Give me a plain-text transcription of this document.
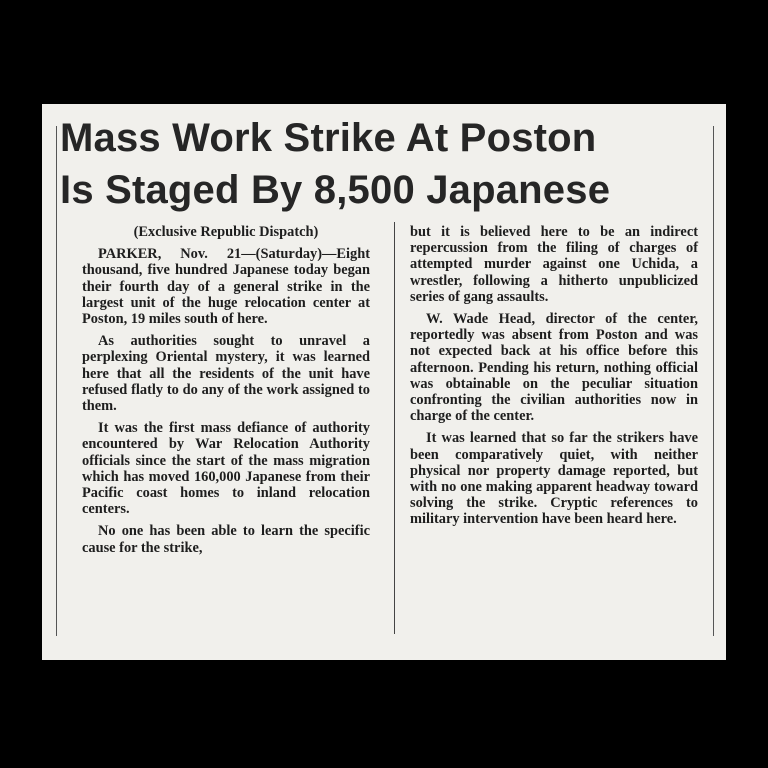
Mass Work Strike At Poston
Is Staged By 8,500 Japanese

(Exclusive Republic Dispatch)

PARKER, Nov. 21—(Saturday)—Eight thousand, five hundred Japanese today began their fourth day of a general strike in the largest unit of the huge relocation center at Poston, 19 miles south of here.

As authorities sought to unravel a perplexing Oriental mystery, it was learned here that all the residents of the unit have refused flatly to do any of the work assigned to them.

It was the first mass defiance of authority encountered by War Relocation Authority officials since the start of the mass migration which has moved 160,000 Japanese from their Pacific coast homes to inland relocation centers.

No one has been able to learn the specific cause for the strike,

but it is believed here to be an indirect repercussion from the filing of charges of attempted murder against one Uchida, a wrestler, following a hitherto unpublicized series of gang assaults.

W. Wade Head, director of the center, reportedly was absent from Poston and was not expected back at his office before this afternoon. Pending his return, nothing official was obtainable on the peculiar situation confronting the civilian authorities now in charge of the center.

It was learned that so far the strikers have been comparatively quiet, with neither physical nor property damage reported, but with no one making apparent headway toward solving the strike. Cryptic references to military intervention have been heard here.
